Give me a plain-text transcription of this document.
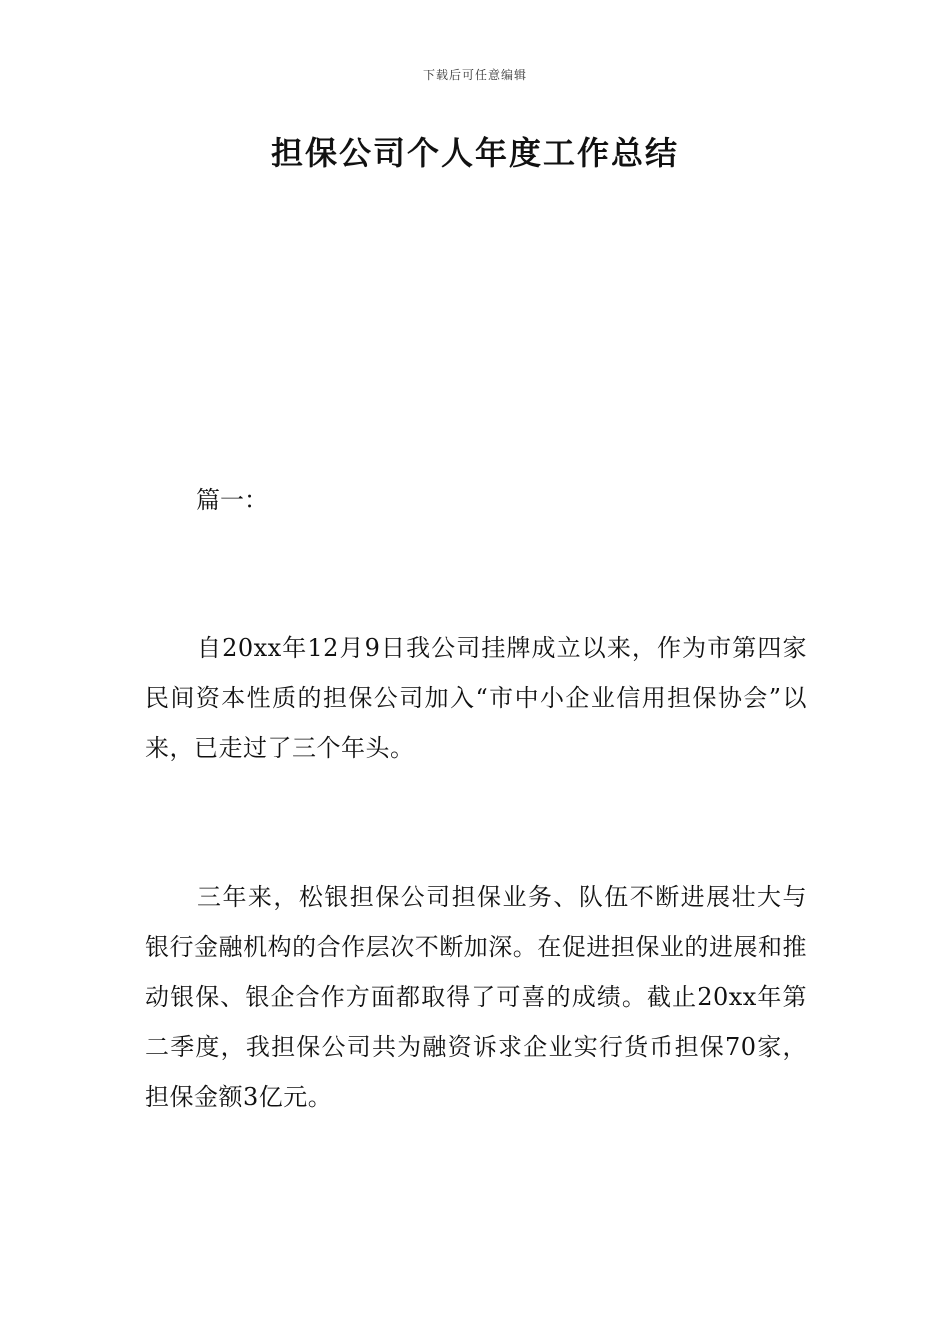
下载后可任意编辑
担保公司个人年度工作总结
篇一：

自20xx年12月9日我公司挂牌成立以来，作为市第四家民间资本性质的担保公司加入“市中小企业信用担保协会”以来，已走过了三个年头。

三年来，松银担保公司担保业务、队伍不断进展壮大与银行金融机构的合作层次不断加深。在促进担保业的进展和推动银保、银企合作方面都取得了可喜的成绩。截止20xx年第二季度，我担保公司共为融资诉求企业实行货币担保70家，担保金额3亿元。
